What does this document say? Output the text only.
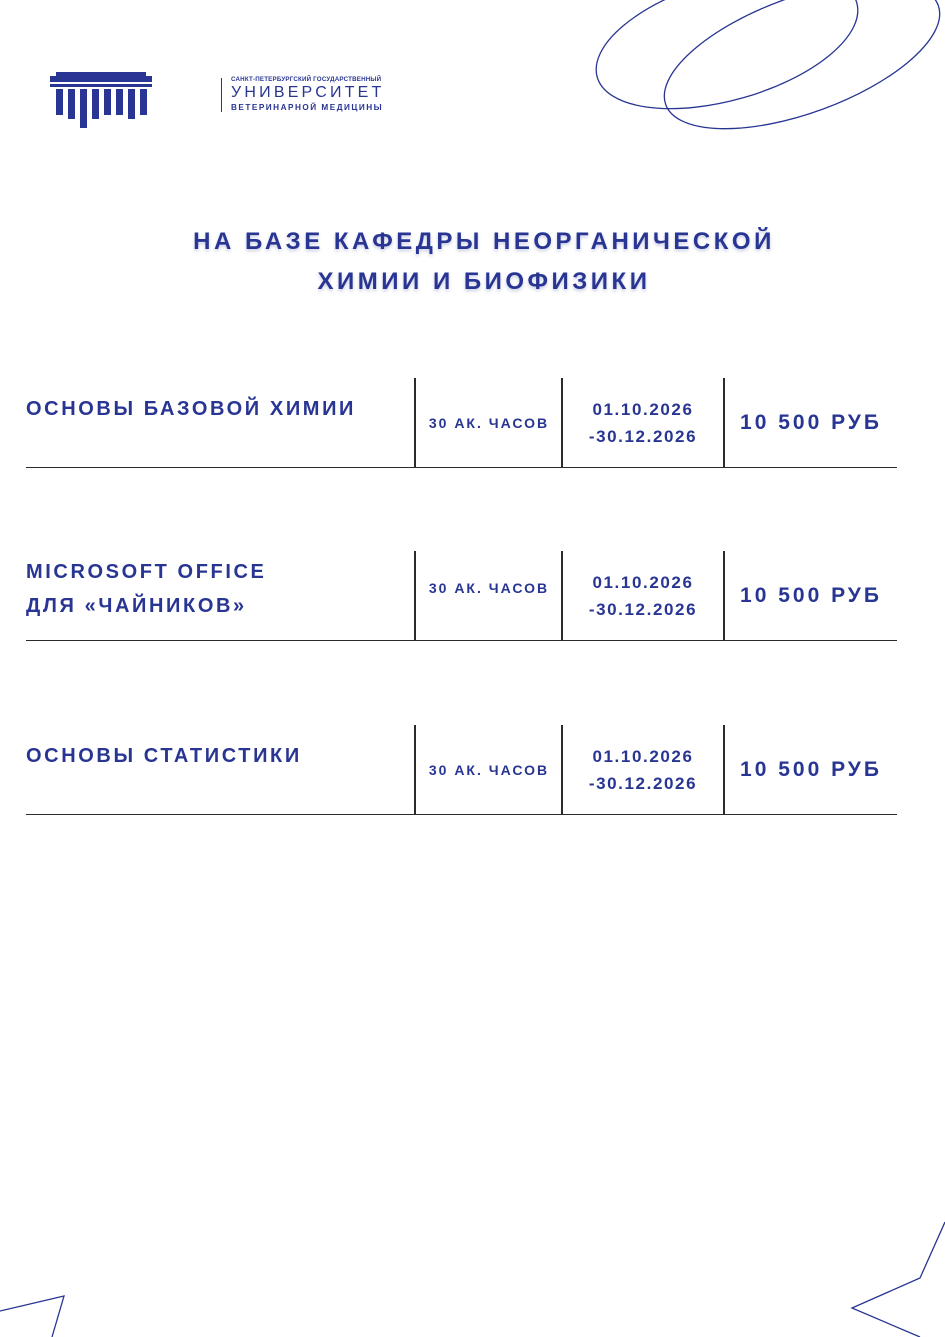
САНКТ-ПЕТЕРБУРГСКИЙ ГОСУДАРСТВЕННЫЙ
УНИВЕРСИТЕТ
ВЕТЕРИНАРНОЙ МЕДИЦИНЫ
НА БАЗЕ КАФЕДРЫ НЕОРГАНИЧЕСКОЙ
ХИМИИ И БИОФИЗИКИ
ОСНОВЫ БАЗОВОЙ ХИМИИ
30 АК. ЧАСОВ
01.10.2026
-30.12.2026
10 500 РУБ
MICROSOFT OFFICE
ДЛЯ «ЧАЙНИКОВ»
30 АК. ЧАСОВ	01.10.2026
-30.12.2026
10 500 РУБ
ОСНОВЫ СТАТИСТИКИ
30 АК. ЧАСОВ
01.10.2026
-30.12.2026
10 500 РУБ
